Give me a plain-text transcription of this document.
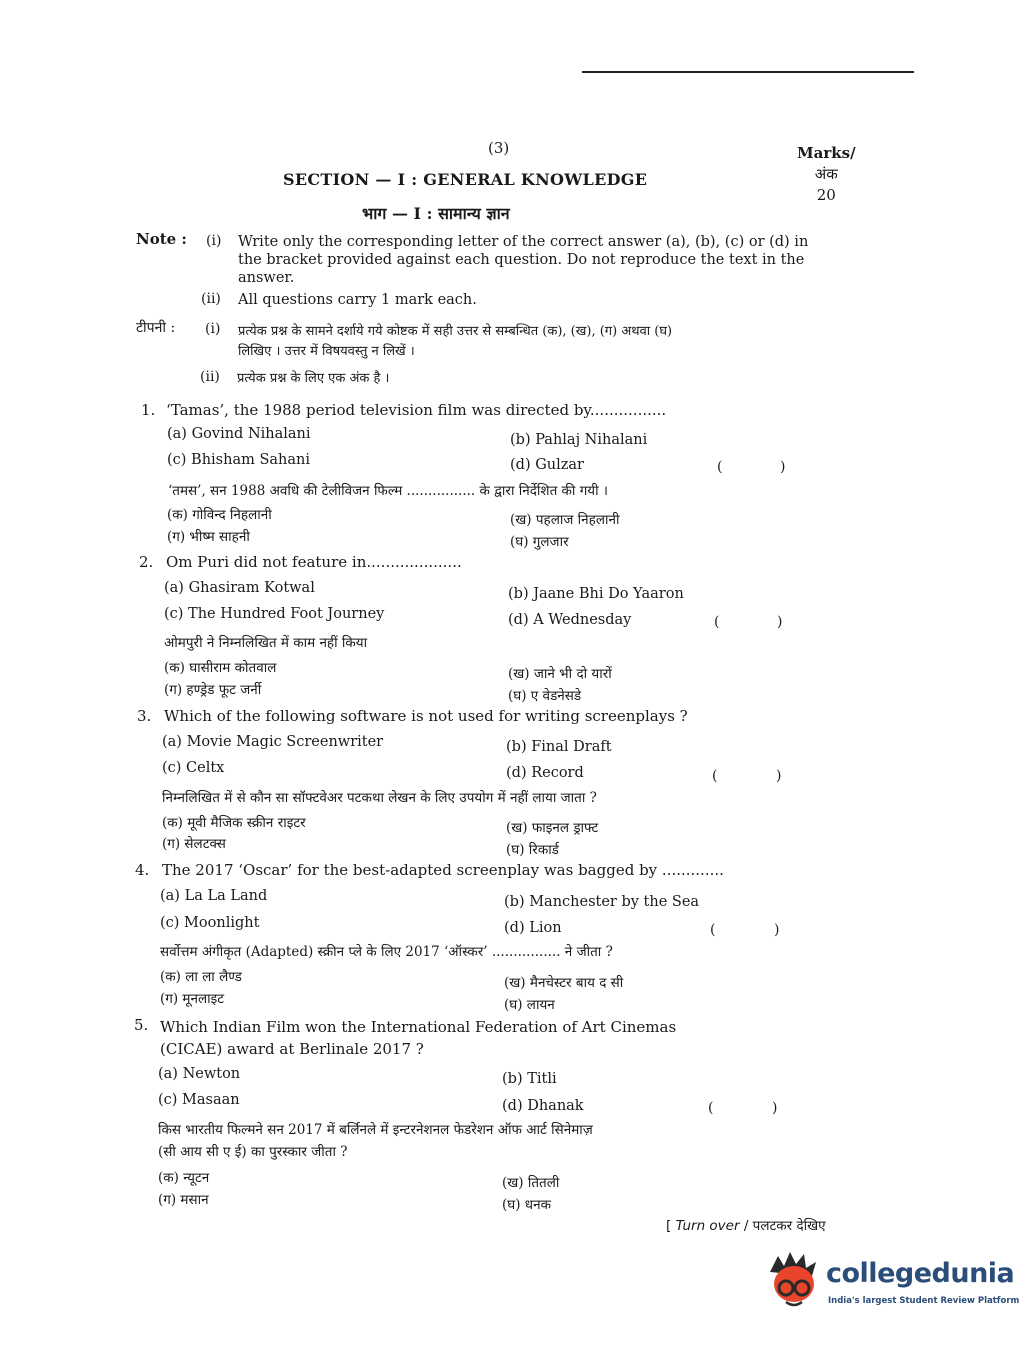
(3)	Marks/
अंक
20
SECTION — I : GENERAL KNOWLEDGE
भाग — I : सामान्य ज्ञान
Note : (i) Write only the corresponding letter of the correct answer (a), (b), (c) or (d) in
the bracket provided against each question. Do not reproduce the text in the
answer.
(ii) All questions carry 1 mark each.
टीपनी : (i) प्रत्येक प्रश्न के सामने दर्शाये गये कोष्टक में सही उत्तर से सम्बन्धित (क), (ख), (ग) अथवा (घ)
लिखिए । उत्तर में विषयवस्तु न लिखें ।
(ii) प्रत्येक प्रश्न के लिए एक अंक है ।
1. ‘Tamas’, the 1988 period television film was directed by................
(a) Govind Nihalani	(b) Pahlaj Nihalani
(c) Bhisham Sahani	(d) Gulzar	(	)
‘तमस’, सन 1988 अवधि की टेलीविजन फिल्म ................ के द्वारा निर्देशित की गयी ।
(क) गोविन्द निहलानी	(ख) पहलाज निहलानी
(ग) भीष्म साहनी	(घ) गुलजार
2. Om Puri did not feature in....................
(a) Ghasiram Kotwal	(b) Jaane Bhi Do Yaaron
(c) The Hundred Foot Journey	(d) A Wednesday	(	)
ओमपुरी ने निम्नलिखित में काम नहीं किया
(क) घासीराम कोतवाल	(ख) जाने भी दो यारों
(ग) हण्ड्रेड फूट जर्नी	(घ) ए वेडनेसडे
3. Which of the following software is not used for writing screenplays ?
(a) Movie Magic Screenwriter	(b) Final Draft
(c) Celtx	(d) Record	(	)
निम्नलिखित में से कौन सा सॉफ्टवेअर पटकथा लेखन के लिए उपयोग में नहीं लाया जाता ?
(क) मूवी मैजिक स्क्रीन राइटर	(ख) फाइनल ड्राफ्ट
(ग) सेलटक्स	(घ) रिकार्ड
4. The 2017 ‘Oscar’ for the best-adapted screenplay was bagged by .............
(a) La La Land	(b) Manchester by the Sea
(c) Moonlight	(d) Lion	(	)
सर्वोत्तम अंगीकृत (Adapted) स्क्रीन प्ले के लिए 2017 ‘ऑस्कर’ ................ ने जीता ?
(क) ला ला लैण्ड	(ख) मैनचेस्टर बाय द सी
(ग) मूनलाइट	(घ) लायन
5. Which Indian Film won the International Federation of Art Cinemas
(CICAE) award at Berlinale 2017 ?
(a) Newton	(b) Titli
(c) Masaan	(d) Dhanak	(	)
किस भारतीय फिल्मने सन 2017 में बर्लिनले में इन्टरनेशनल फेडरेशन ऑफ आर्ट सिनेमाज़
(सी आय सी ए ई) का पुरस्कार जीता ?
(क) न्यूटन	(ख) तितली
(ग) मसान	(घ) धनक
[ Turn over / पलटकर देखिए
collegedunia
India's largest Student Review Platform
